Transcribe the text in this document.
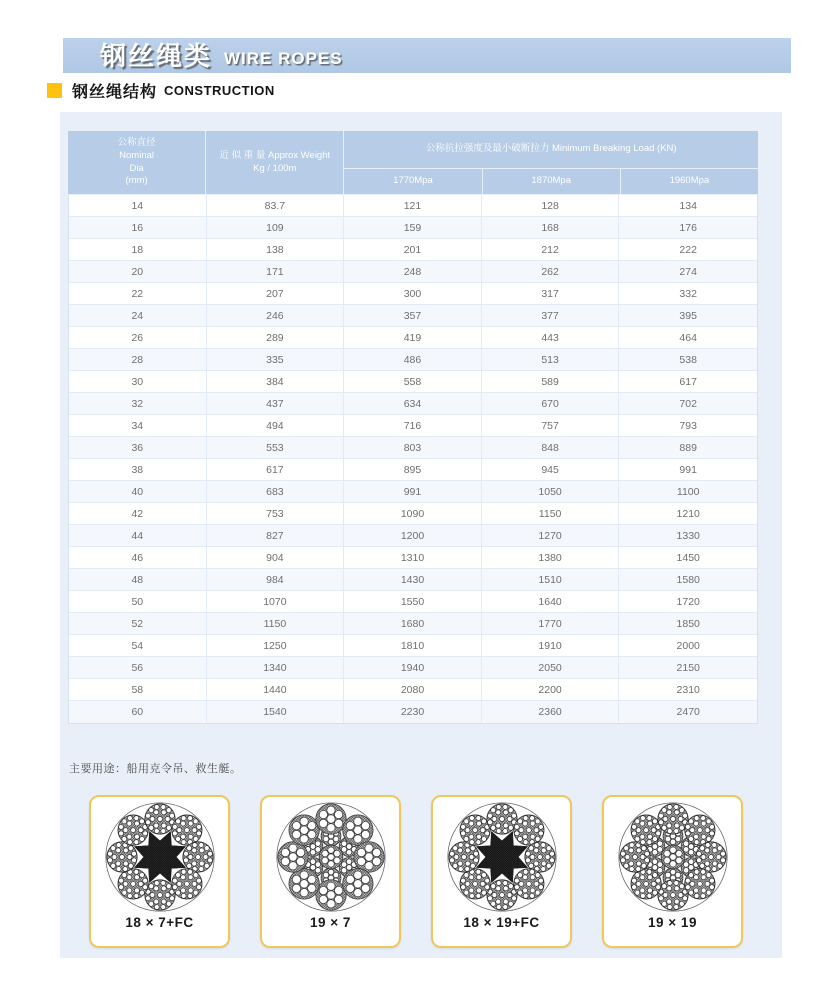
钢丝绳类 WIRE ROPES
钢丝绳结构 CONSTRUCTION
公称直径
Nominal
Dia
(mm)
近 似 重 量 Approx Weight
Kg / 100m
公称抗拉强度及最小破断拉力 Minimum Breaking Load (KN)
1770Mpa	1870Mpa	1960Mpa
14	83.7	121	128	134
16	109	159	168	176
18	138	201	212	222
20	171	248	262	274
22	207	300	317	332
24	246	357	377	395
26	289	419	443	464
28	335	486	513	538
30	384	558	589	617
32	437	634	670	702
34	494	716	757	793
36	553	803	848	889
38	617	895	945	991
40	683	991	1050	1100
42	753	1090	1150	1210
44	827	1200	1270	1330
46	904	1310	1380	1450
48	984	1430	1510	1580
50	1070	1550	1640	1720
52	1150	1680	1770	1850
54	1250	1810	1910	2000
56	1340	1940	2050	2150
58	1440	2080	2200	2310
60	1540	2230	2360	2470
主要用途：船用克令吊、救生艇。
18 × 7+FC	19 × 7	18 × 19+FC	19 × 19
